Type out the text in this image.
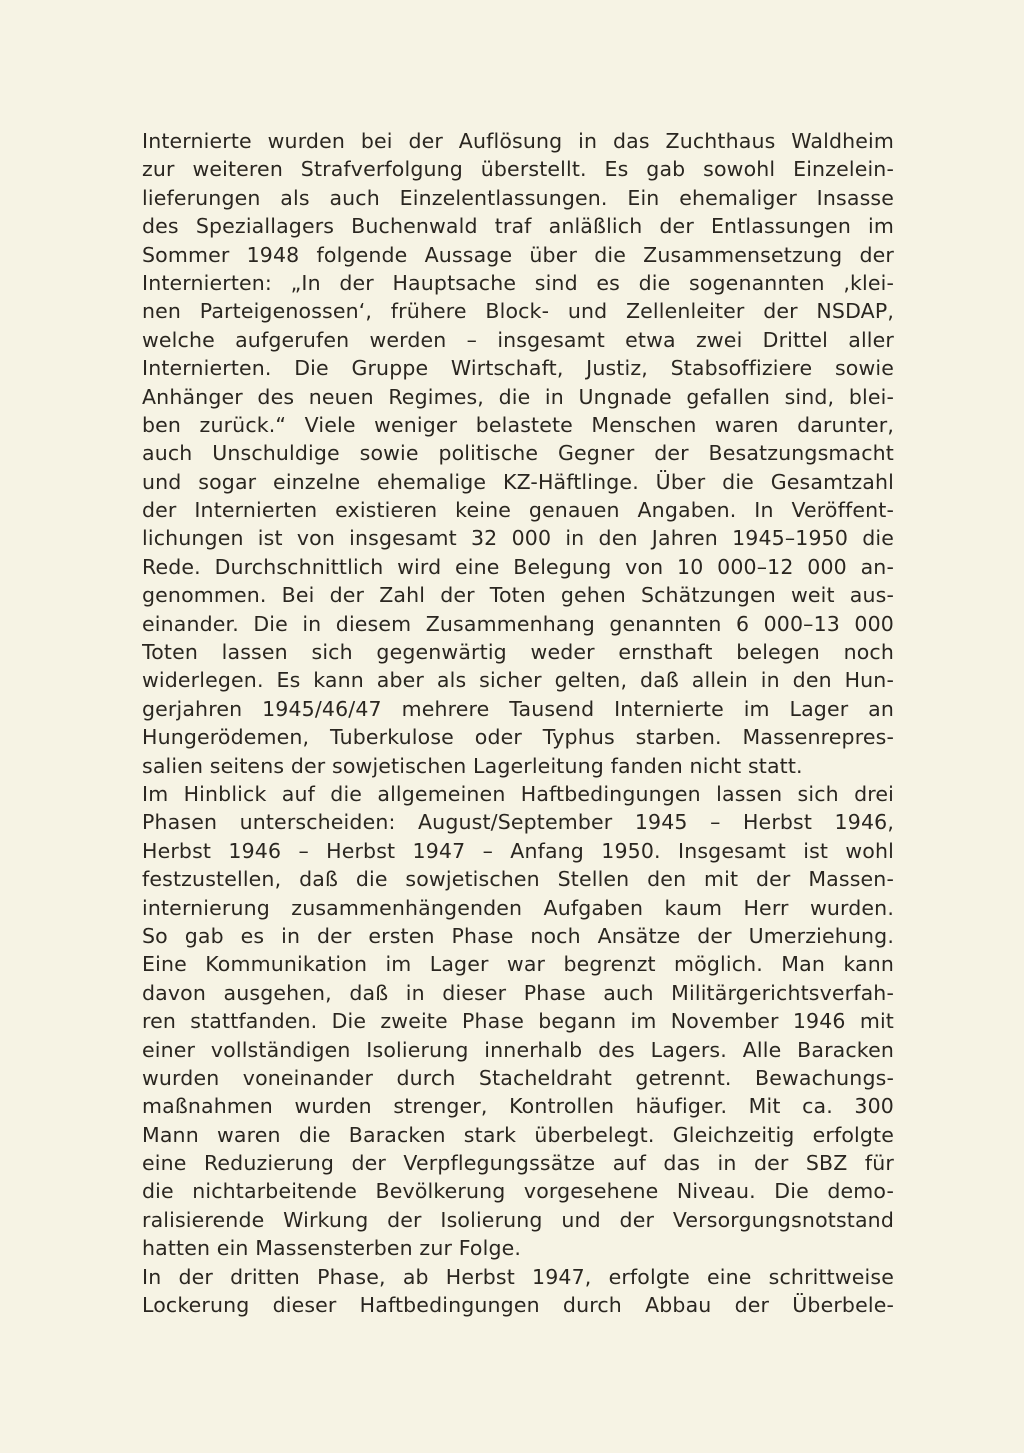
Internierte wurden bei der Auflösung in das Zuchthaus Waldheim
zur weiteren Strafverfolgung überstellt. Es gab sowohl Einzelein-
lieferungen als auch Einzelentlassungen. Ein ehemaliger Insasse
des Speziallagers Buchenwald traf anläßlich der Entlassungen im
Sommer 1948 folgende Aussage über die Zusammensetzung der
Internierten: „In der Hauptsache sind es die sogenannten ‚klei-
nen Parteigenossen‘, frühere Block- und Zellenleiter der NSDAP,
welche aufgerufen werden – insgesamt etwa zwei Drittel aller
Internierten. Die Gruppe Wirtschaft, Justiz, Stabsoffiziere sowie
Anhänger des neuen Regimes, die in Ungnade gefallen sind, blei-
ben zurück.“ Viele weniger belastete Menschen waren darunter,
auch Unschuldige sowie politische Gegner der Besatzungsmacht
und sogar einzelne ehemalige KZ-Häftlinge. Über die Gesamtzahl
der Internierten existieren keine genauen Angaben. In Veröffent-
lichungen ist von insgesamt 32 000 in den Jahren 1945–1950 die
Rede. Durchschnittlich wird eine Belegung von 10 000–12 000 an-
genommen. Bei der Zahl der Toten gehen Schätzungen weit aus-
einander. Die in diesem Zusammenhang genannten 6 000–13 000
Toten lassen sich gegenwärtig weder ernsthaft belegen noch
widerlegen. Es kann aber als sicher gelten, daß allein in den Hun-
gerjahren 1945/46/47 mehrere Tausend Internierte im Lager an
Hungerödemen, Tuberkulose oder Typhus starben. Massenrepres-
salien seitens der sowjetischen Lagerleitung fanden nicht statt.
Im Hinblick auf die allgemeinen Haftbedingungen lassen sich drei
Phasen unterscheiden: August/September 1945 – Herbst 1946,
Herbst 1946 – Herbst 1947 – Anfang 1950. Insgesamt ist wohl
festzustellen, daß die sowjetischen Stellen den mit der Massen-
internierung zusammenhängenden Aufgaben kaum Herr wurden.
So gab es in der ersten Phase noch Ansätze der Umerziehung.
Eine Kommunikation im Lager war begrenzt möglich. Man kann
davon ausgehen, daß in dieser Phase auch Militärgerichtsverfah-
ren stattfanden. Die zweite Phase begann im November 1946 mit
einer vollständigen Isolierung innerhalb des Lagers. Alle Baracken
wurden voneinander durch Stacheldraht getrennt. Bewachungs-
maßnahmen wurden strenger, Kontrollen häufiger. Mit ca. 300
Mann waren die Baracken stark überbelegt. Gleichzeitig erfolgte
eine Reduzierung der Verpflegungssätze auf das in der SBZ für
die nichtarbeitende Bevölkerung vorgesehene Niveau. Die demo-
ralisierende Wirkung der Isolierung und der Versorgungsnotstand
hatten ein Massensterben zur Folge.
In der dritten Phase, ab Herbst 1947, erfolgte eine schrittweise
Lockerung dieser Haftbedingungen durch Abbau der Überbele-
